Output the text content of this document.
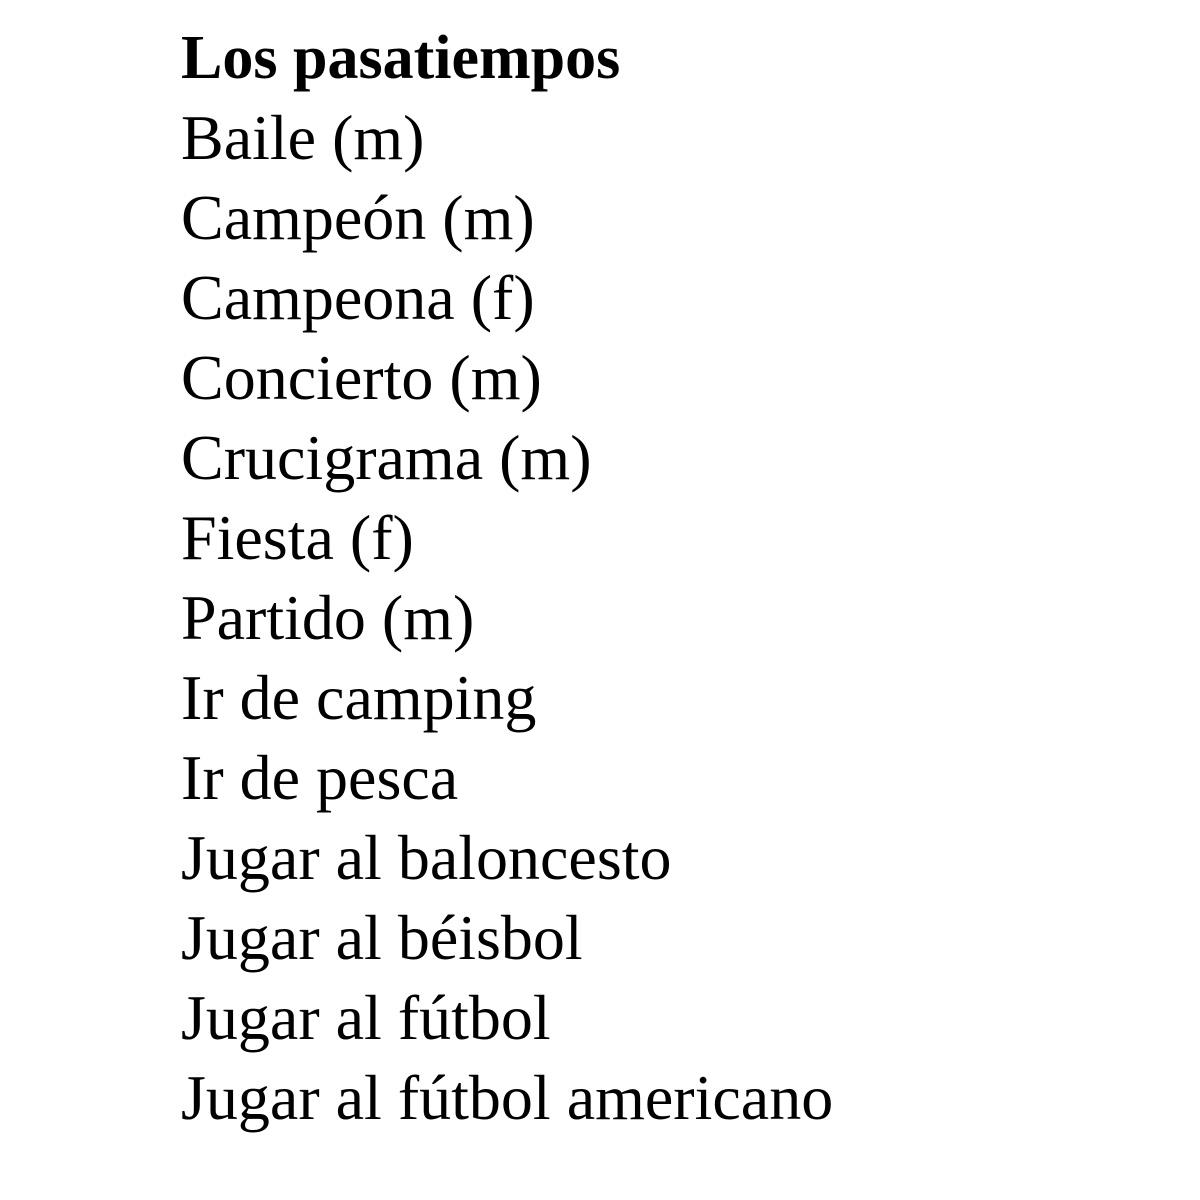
Los pasatiempos
Baile (m)
Campeón (m)
Campeona (f)
Concierto (m)
Crucigrama (m)
Fiesta (f)
Partido (m)
Ir de camping
Ir de pesca
Jugar al baloncesto
Jugar al béisbol
Jugar al fútbol
Jugar al fútbol americano
